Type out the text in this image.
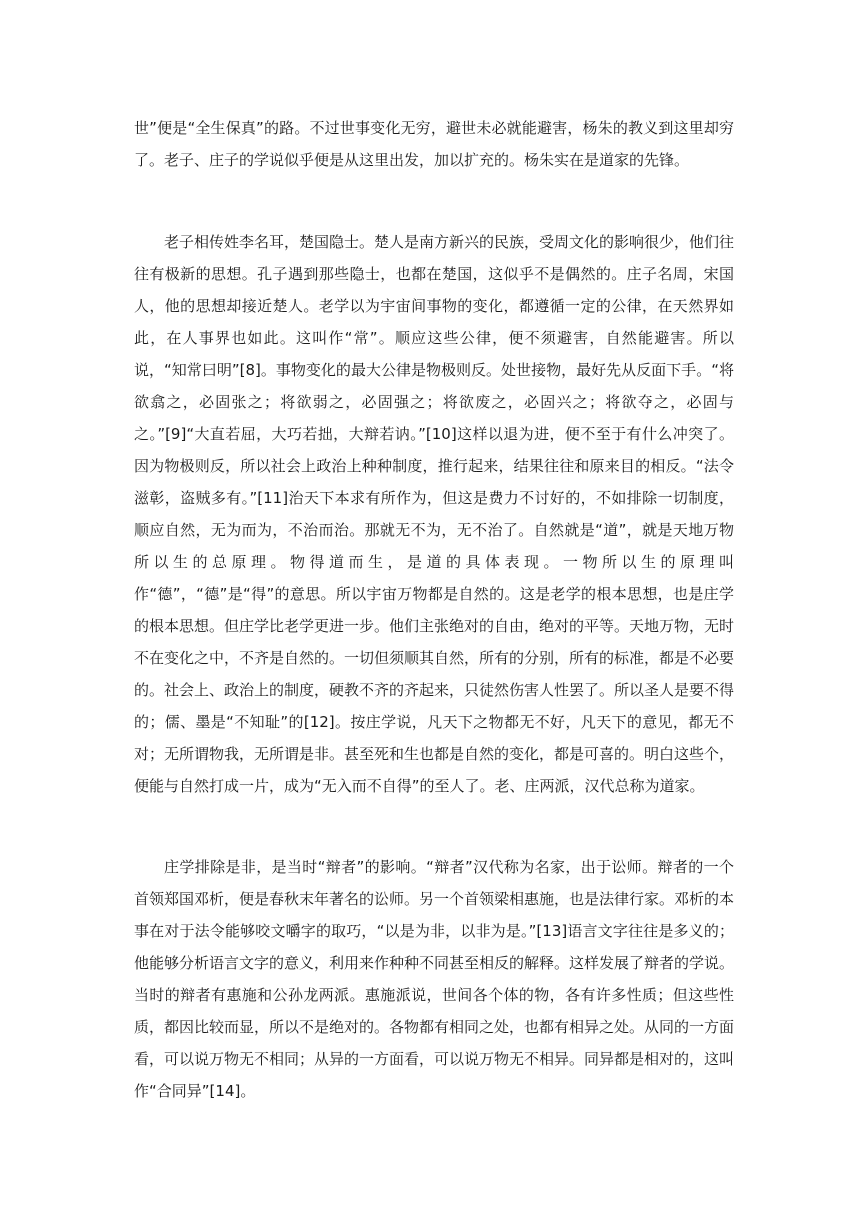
世”便是“全生保真”的路。不过世事变化无穷，避世未必就能避害，杨朱的教义到这里却穷了。老子、庄子的学说似乎便是从这里出发，加以扩充的。杨朱实在是道家的先锋。

老子相传姓李名耳，楚国隐士。楚人是南方新兴的民族，受周文化的影响很少，他们往往有极新的思想。孔子遇到那些隐士，也都在楚国，这似乎不是偶然的。庄子名周，宋国人，他的思想却接近楚人。老学以为宇宙间事物的变化，都遵循一定的公律，在天然界如此，在人事界也如此。这叫作“常”。顺应这些公律，便不须避害，自然能避害。所以说，“知常曰明”[8]。事物变化的最大公律是物极则反。处世接物，最好先从反面下手。“将欲翕之，必固张之；将欲弱之，必固强之；将欲废之，必固兴之；将欲夺之，必固与之。”[9]“大直若屈，大巧若拙，大辩若讷。”[10]这样以退为进，便不至于有什么冲突了。因为物极则反，所以社会上政治上种种制度，推行起来，结果往往和原来目的相反。“法令滋彰，盗贼多有。”[11]治天下本求有所作为，但这是费力不讨好的，不如排除一切制度，顺应自然，无为而为，不治而治。那就无不为，无不治了。自然就是“道”，就是天地万物所以生的总原理。物得道而生，是道的具体表现。一物所以生的原理叫作“德”，“德”是“得”的意思。所以宇宙万物都是自然的。这是老学的根本思想，也是庄学的根本思想。但庄学比老学更进一步。他们主张绝对的自由，绝对的平等。天地万物，无时不在变化之中，不齐是自然的。一切但须顺其自然，所有的分别，所有的标准，都是不必要的。社会上、政治上的制度，硬教不齐的齐起来，只徒然伤害人性罢了。所以圣人是要不得的；儒、墨是“不知耻”的[12]。按庄学说，凡天下之物都无不好，凡天下的意见，都无不对；无所谓物我，无所谓是非。甚至死和生也都是自然的变化，都是可喜的。明白这些个，便能与自然打成一片，成为“无入而不自得”的至人了。老、庄两派，汉代总称为道家。

庄学排除是非，是当时“辩者”的影响。“辩者”汉代称为名家，出于讼师。辩者的一个首领郑国邓析，便是春秋末年著名的讼师。另一个首领梁相惠施，也是法律行家。邓析的本事在对于法令能够咬文嚼字的取巧，“以是为非，以非为是。”[13]语言文字往往是多义的；他能够分析语言文字的意义，利用来作种种不同甚至相反的解释。这样发展了辩者的学说。当时的辩者有惠施和公孙龙两派。惠施派说，世间各个体的物，各有许多性质；但这些性质，都因比较而显，所以不是绝对的。各物都有相同之处，也都有相异之处。从同的一方面看，可以说万物无不相同；从异的一方面看，可以说万物无不相异。同异都是相对的，这叫作“合同异”[14]。
